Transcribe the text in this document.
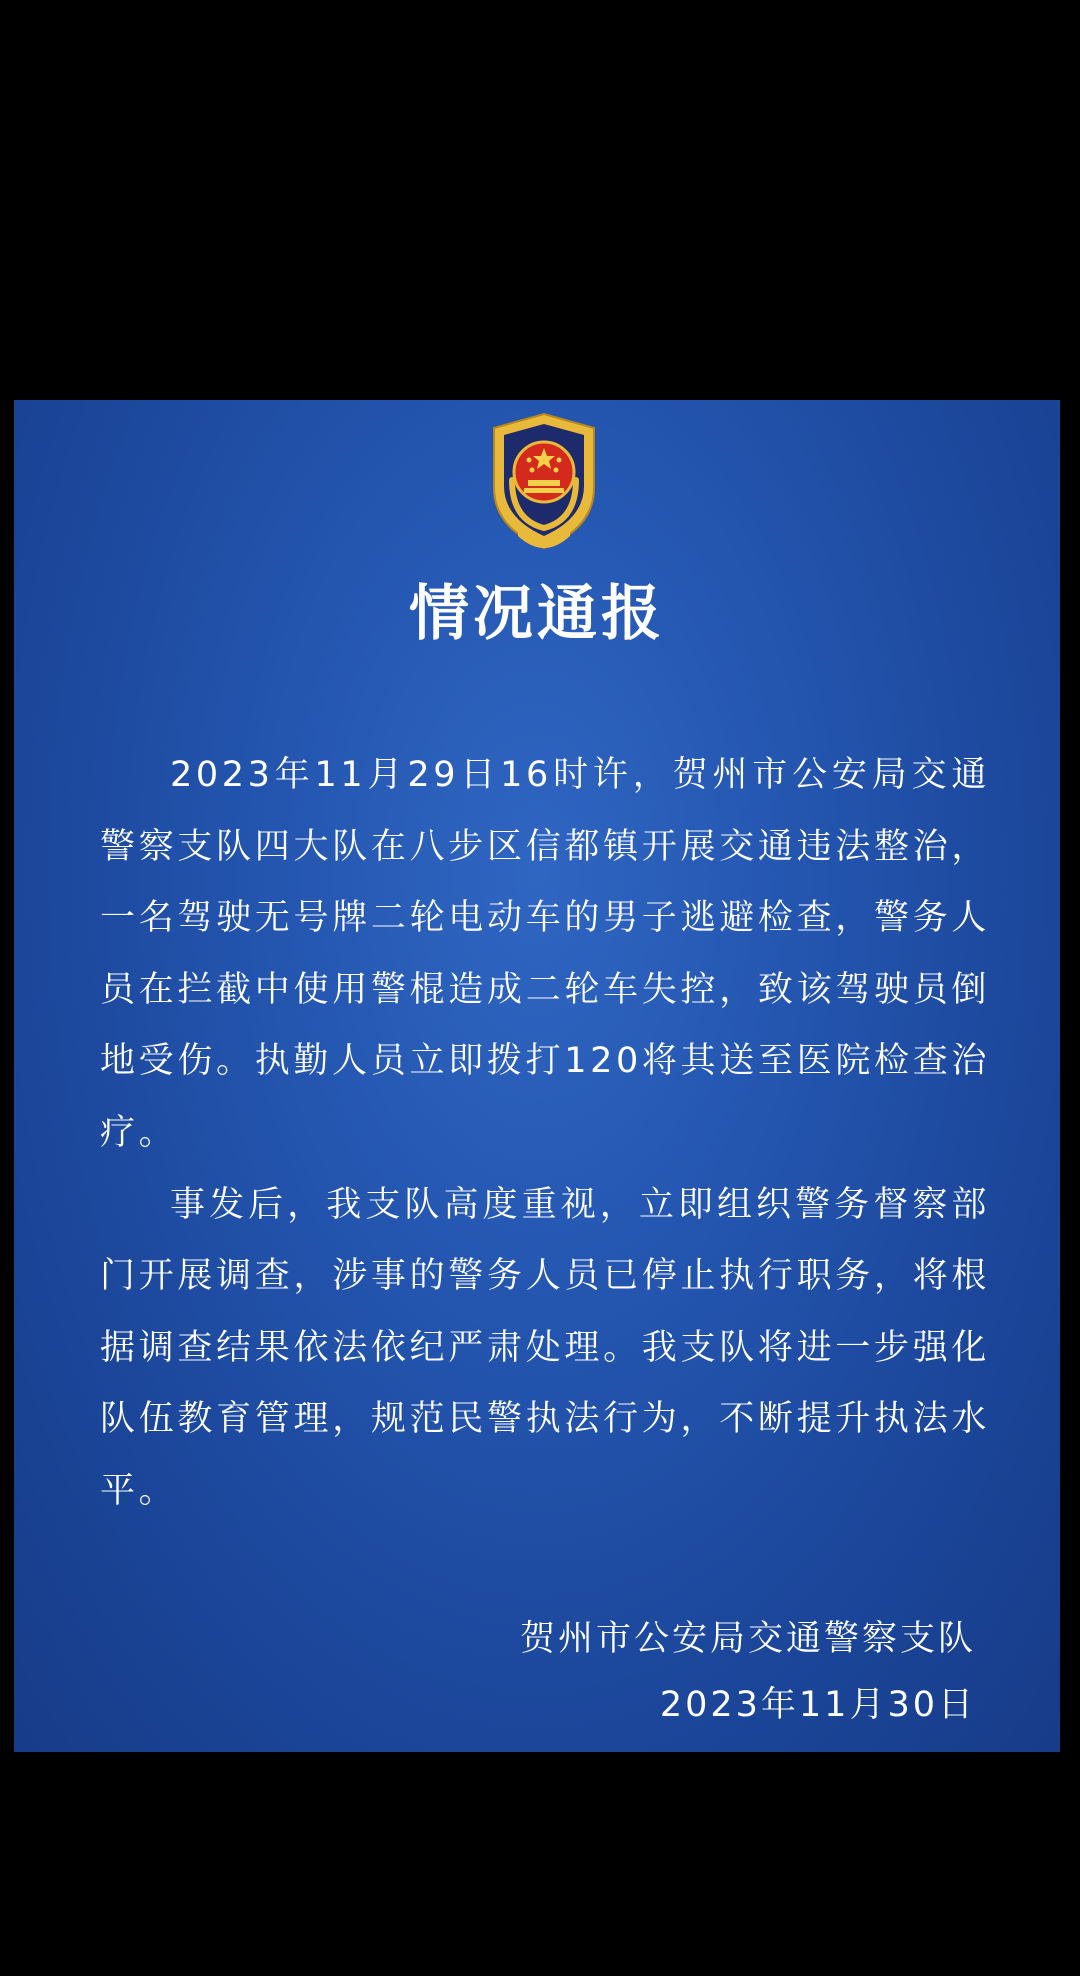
情况通报

2023年11月29日16时许，贺州市公安局交通警察支队四大队在八步区信都镇开展交通违法整治，一名驾驶无号牌二轮电动车的男子逃避检查，警务人员在拦截中使用警棍造成二轮车失控，致该驾驶员倒地受伤。执勤人员立即拨打120将其送至医院检查治疗。

事发后，我支队高度重视，立即组织警务督察部门开展调查，涉事的警务人员已停止执行职务，将根据调查结果依法依纪严肃处理。我支队将进一步强化队伍教育管理，规范民警执法行为，不断提升执法水平。

贺州市公安局交通警察支队
2023年11月30日
